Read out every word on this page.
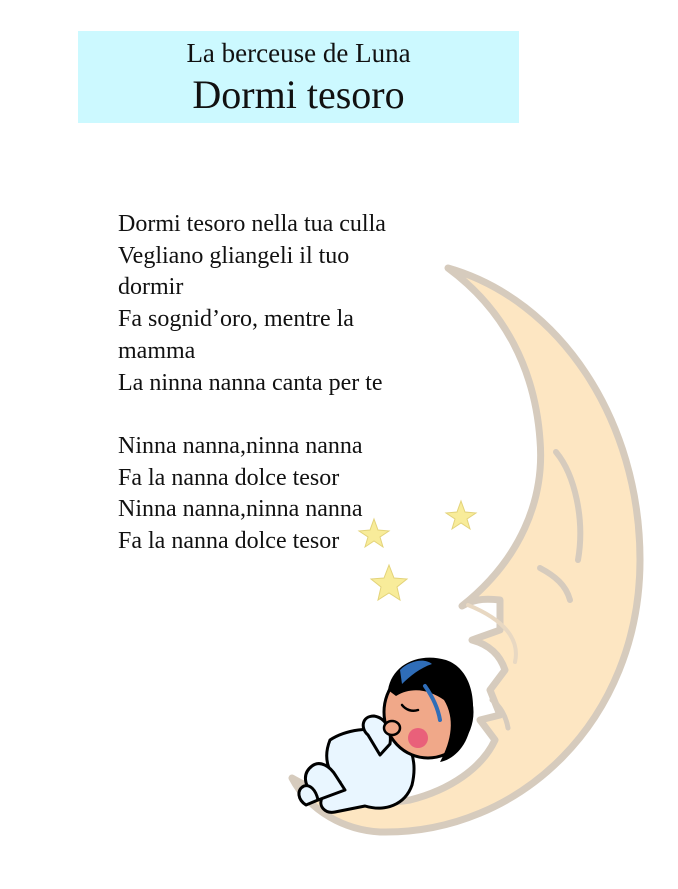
La berceuse de Luna
Dormi tesoro
Dormi tesoro nella tua culla
Vegliano gliangeli il tuo
dormir
Fa sognid’oro, mentre la
mamma
La ninna nanna canta per te
Ninna nanna,ninna nanna
Fa la nanna dolce tesor
Ninna nanna,ninna nanna
Fa la nanna dolce tesor
